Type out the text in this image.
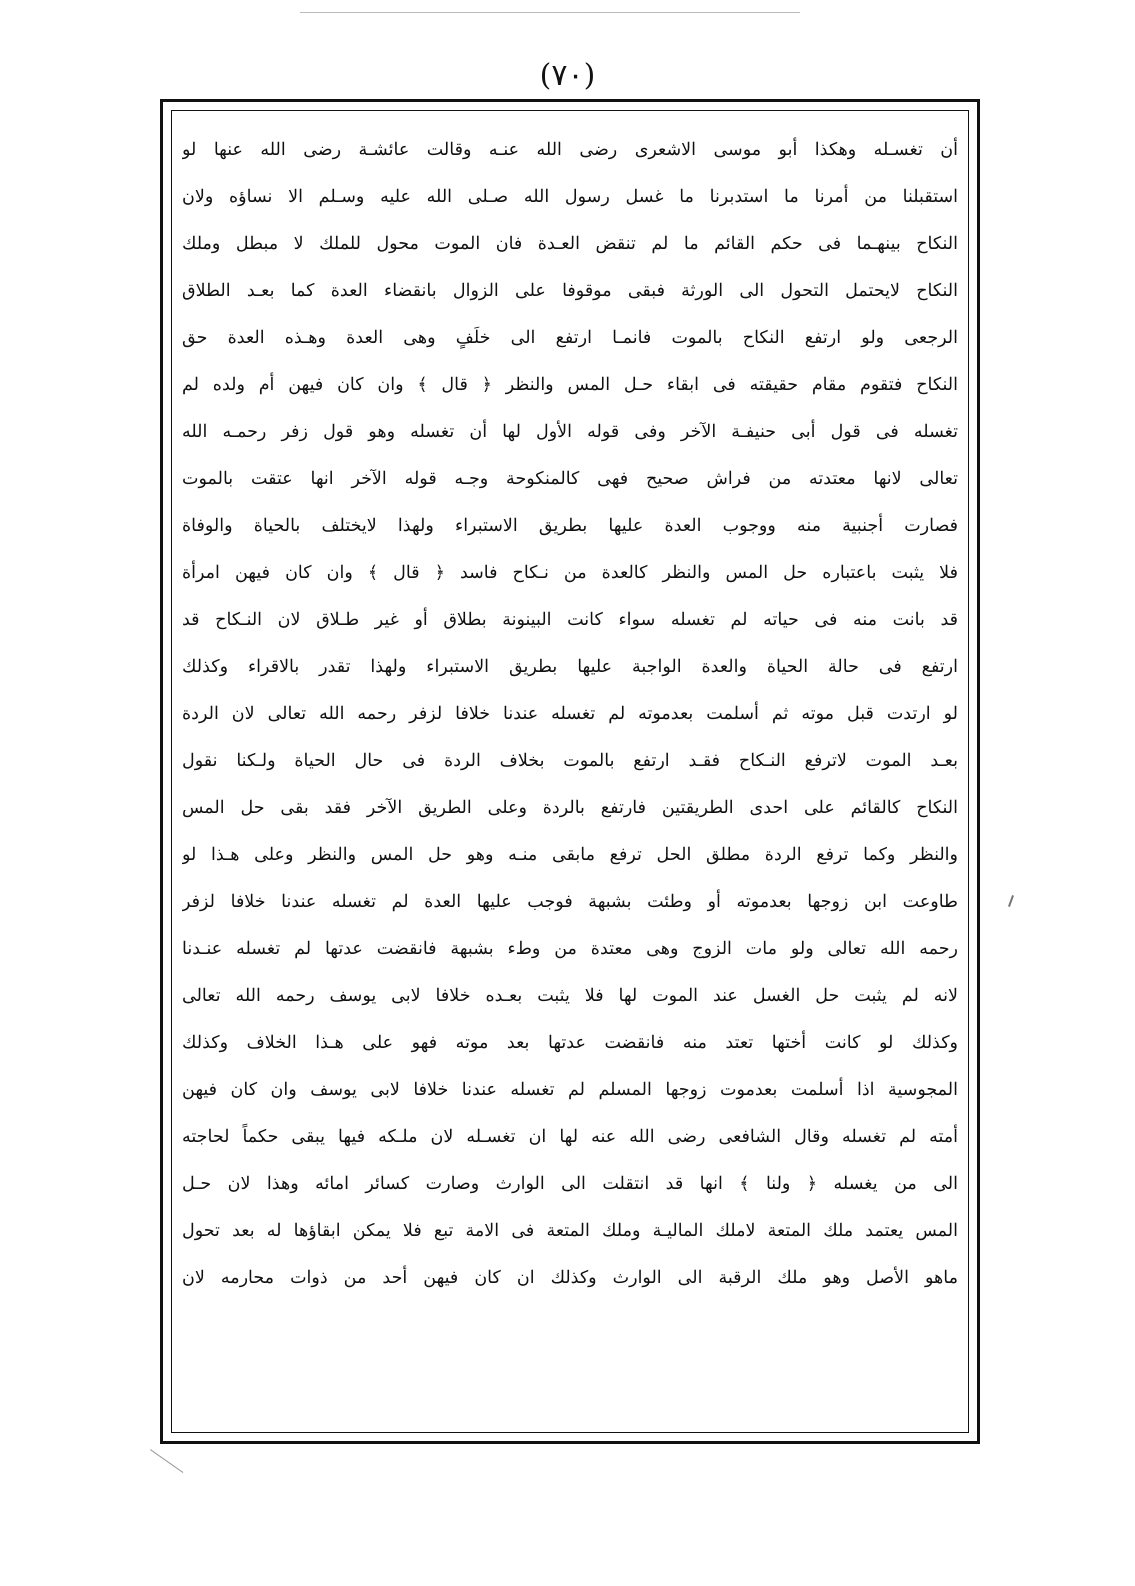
(٧٠)
أن تغسـله وهكذا أبو موسى الاشعرى رضى الله عنـه وقالت عائشـة رضى الله عنها لو
استقبلنا من أمرنا ما استدبرنا ما غسل رسول الله صـلى الله عليه وسـلم الا نساؤه ولان
النكاح بينهـما فى حكم القائم ما لم تنقض العـدة فان الموت محول للملك لا مبطل وملك
النكاح لايحتمل التحول الى الورثة فبقى موقوفا على الزوال بانقضاء العدة كما بعـد الطلاق
الرجعى ولو ارتفع النكاح بالموت فانمـا ارتفع الى خلَفٍ وهى العدة وهـذه العدة حق
النكاح فتقوم مقام حقيقته فى ابقاء حـل المس والنظر ﴿ قال ﴾ وان كان فيهن أم ولده لم
تغسله فى قول أبى حنيفـة الآخر وفى قوله الأول لها أن تغسله وهو قول زفر رحمـه الله
تعالى لانها معتدته من فراش صحيح فهى كالمنكوحة وجـه قوله الآخر انها عتقت بالموت
فصارت أجنبية منه ووجوب العدة عليها بطريق الاستبراء ولهذا لايختلف بالحياة والوفاة
فلا يثبت باعتباره حل المس والنظر كالعدة من نـكاح فاسد ﴿ قال ﴾ وان كان فيهن امرأة
قد بانت منه فى حياته لم تغسله سواء كانت البينونة بطلاق أو غير طـلاق لان النـكاح قد
ارتفع فى حالة الحياة والعدة الواجبة عليها بطريق الاستبراء ولهذا تقدر بالاقراء وكذلك
لو ارتدت قبل موته ثم أسلمت بعدموته لم تغسله عندنا خلافا لزفر رحمه الله تعالى لان الردة
بعـد الموت لاترفع النـكاح فقـد ارتفع بالموت بخلاف الردة فى حال الحياة ولـكنا نقول
النكاح كالقائم على احدى الطريقتين فارتفع بالردة وعلى الطريق الآخر فقد بقى حل المس
والنظر وكما ترفع الردة مطلق الحل ترفع مابقى منـه وهو حل المس والنظر وعلى هـذا لو
طاوعت ابن زوجها بعدموته أو وطئت بشبهة فوجب عليها العدة لم تغسله عندنا خلافا لزفر
رحمه الله تعالى ولو مات الزوج وهى معتدة من وطء بشبهة فانقضت عدتها لم تغسله عنـدنا
لانه لم يثبت حل الغسل عند الموت لها فلا يثبت بعـده خلافا لابى يوسف رحمه الله تعالى
وكذلك لو كانت أختها تعتد منه فانقضت عدتها بعد موته فهو على هـذا الخلاف وكذلك
المجوسية اذا أسلمت بعدموت زوجها المسلم لم تغسله عندنا خلافا لابى يوسف وان كان فيهن
أمته لم تغسله وقال الشافعى رضى الله عنه لها ان تغسـله لان ملـكه فيها يبقى حكماً لحاجته
الى من يغسله ﴿ ولنا ﴾ انها قد انتقلت الى الوارث وصارت كسائر امائه وهذا لان حـل
المس يعتمد ملك المتعة لاملك الماليـة وملك المتعة فى الامة تبع فلا يمكن ابقاؤها له بعد تحول
ماهو الأصل وهو ملك الرقبة الى الوارث وكذلك ان كان فيهن أحد من ذوات محارمه لان
